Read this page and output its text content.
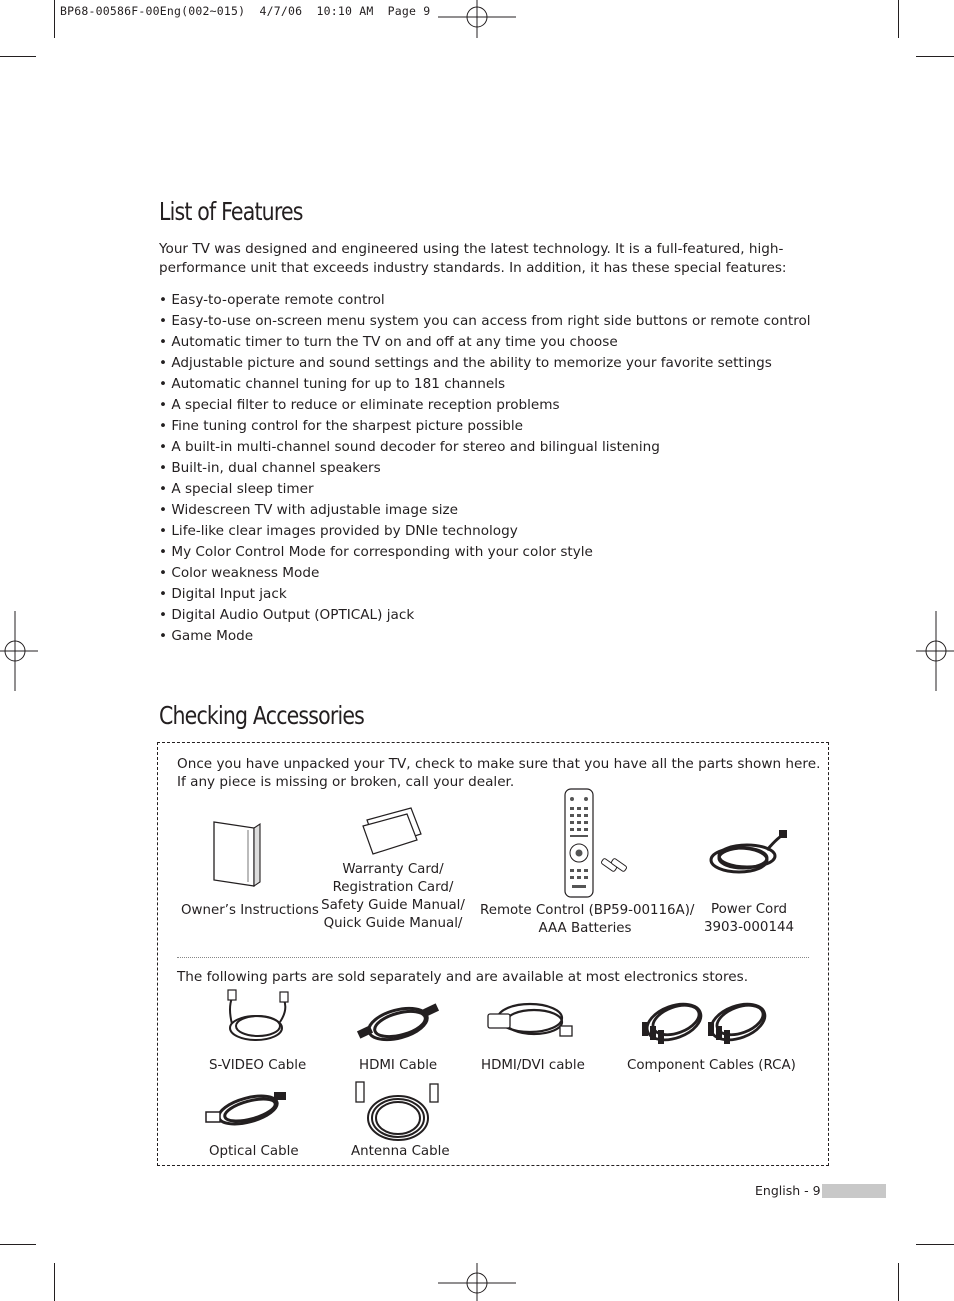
BP68-00586F-00Eng(002~015)  4/7/06  10:10 AM  Page 9
List of Features
Your TV was designed and engineered using the latest technology. It is a full-featured, high-performance unit that exceeds industry standards. In addition, it has these special features:
• Easy-to-operate remote control
• Easy-to-use on-screen menu system you can access from right side buttons or remote control
• Automatic timer to turn the TV on and off at any time you choose
• Adjustable picture and sound settings and the ability to memorize your favorite settings
• Automatic channel tuning for up to 181 channels
• A special filter to reduce or eliminate reception problems
• Fine tuning control for the sharpest picture possible
• A built-in multi-channel sound decoder for stereo and bilingual listening
• Built-in, dual channel speakers
• A special sleep timer
• Widescreen TV with adjustable image size
• Life-like clear images provided by DNIe technology
• My Color Control Mode for corresponding with your color style
• Color weakness Mode
• Digital Input jack
• Digital Audio Output (OPTICAL) jack
• Game Mode
Checking Accessories
Once you have unpacked your TV, check to make sure that you have all the parts shown here.
If any piece is missing or broken, call your dealer.
Owner’s Instructions
Warranty Card/
Registration Card/
Safety Guide Manual/
Quick Guide Manual/
Remote Control (BP59-00116A)/
AAA Batteries
Power Cord
3903-000144
The following parts are sold separately and are available at most electronics stores.
S-VIDEO Cable	HDMI Cable	HDMI/DVI cable	Component Cables (RCA)
Optical Cable	Antenna Cable
English - 9
